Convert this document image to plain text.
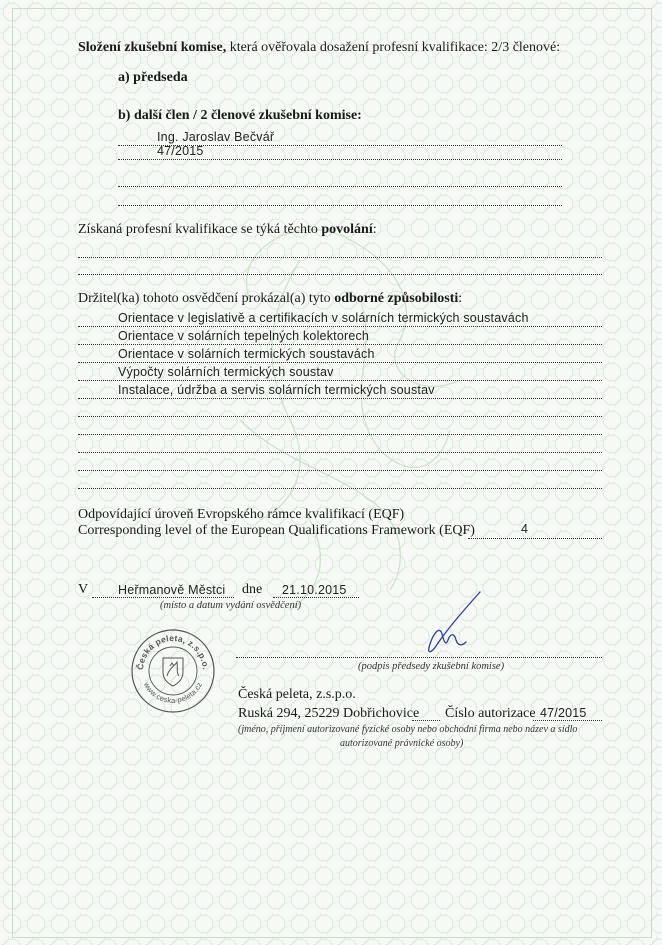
Složení zkušební komise, která ověřovala dosažení profesní kvalifikace: 2/3 členové:
a) předseda
b) další člen / 2 členové zkušební komise:
Ing. Jaroslav Bečvář
47/2015
Získaná profesní kvalifikace se týká těchto povolání:
Držitel(ka) tohoto osvědčení prokázal(a) tyto odborné způsobilosti:
Orientace v legislativě a certifikacích v solárních termických soustavách
Orientace v solárních tepelných kolektorech
Orientace v solárních termických soustavách
Výpočty solárních termických soustav
Instalace, údržba a servis solárních termických soustav
Odpovídající úroveň Evropského rámce kvalifikací (EQF)
Corresponding level of the European Qualifications Framework (EQF)	4
V Heřmanově Městci dne 21.10.2015
(místo a datum vydání osvědčení)
(podpis předsedy zkušební komise)
Česká peleta, z.s.p.o.
www.ceska-peleta.cz
Česká peleta, z.s.p.o.
Ruská 294, 25229 Dobřichovice Číslo autorizace 47/2015
(jméno, příjmení autorizované fyzické osoby nebo obchodní firma nebo název a sídlo
autorizované právnické osoby)
